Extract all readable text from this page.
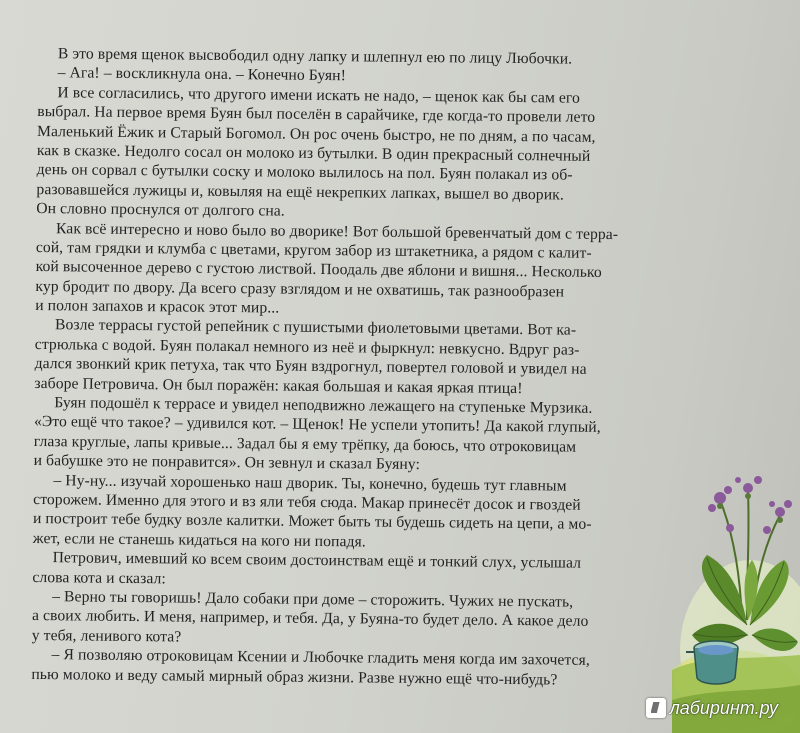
В это время щенок высвободил одну лапку и шлепнул ею по лицу Любочки.
– Ага! – воскликнула она. – Конечно Буян!
И все согласились, что другого имени искать не надо, – щенок как бы сам его
выбрал. На первое время Буян был поселён в сарайчике, где когда-то провели лето
Маленький Ёжик и Старый Богомол. Он рос очень быстро, не по дням, а по часам,
как в сказке. Недолго сосал он молоко из бутылки. В один прекрасный солнечный
день он сорвал с бутылки соску и молоко вылилось на пол. Буян полакал из об-
разовавшейся лужицы и, ковыляя на ещё некрепких лапках, вышел во дворик.
Он словно проснулся от долгого сна.
Как всё интересно и ново было во дворике! Вот большой бревенчатый дом с терра-
сой, там грядки и клумба с цветами, кругом забор из штакетника, а рядом с калит-
кой высоченное дерево с густою листвой. Поодаль две яблони и вишня... Несколько
кур бродит по двору. Да всего сразу взглядом и не охватишь, так разнообразен
и полон запахов и красок этот мир...
Возле террасы густой репейник с пушистыми фиолетовыми цветами. Вот ка-
стрюлька с водой. Буян полакал немного из неё и фыркнул: невкусно. Вдруг раз-
дался звонкий крик петуха, так что Буян вздрогнул, повертел головой и увидел на
заборе Петровича. Он был поражён: какая большая и какая яркая птица!
Буян подошёл к террасе и увидел неподвижно лежащего на ступеньке Мурзика.
«Это ещё что такое? – удивился кот. – Щенок! Не успели утопить! Да какой глупый,
глаза круглые, лапы кривые... Задал бы я ему трёпку, да боюсь, что отроковицам
и бабушке это не понравится». Он зевнул и сказал Буяну:
– Ну-ну... изучай хорошенько наш дворик. Ты, конечно, будешь тут главным
сторожем. Именно для этого и вз яли тебя сюда. Макар принесёт досок и гвоздей
и построит тебе будку возле калитки. Может быть ты будешь сидеть на цепи, а мо-
жет, если не станешь кидаться на кого ни попадя.
Петрович, имевший ко всем своим достоинствам ещё и тонкий слух, услышал
слова кота и сказал:
– Верно ты говоришь! Дало собаки при доме – сторожить. Чужих не пускать,
а своих любить. И меня, например, и тебя. Да, у Буяна-то будет дело. А какое дело
у тебя, ленивого кота?
– Я позволяю отроковицам Ксении и Любочке гладить меня когда им захочется,
пью молоко и веду самый мирный образ жизни. Разве нужно ещё что-нибудь?
лабиринт.ру
